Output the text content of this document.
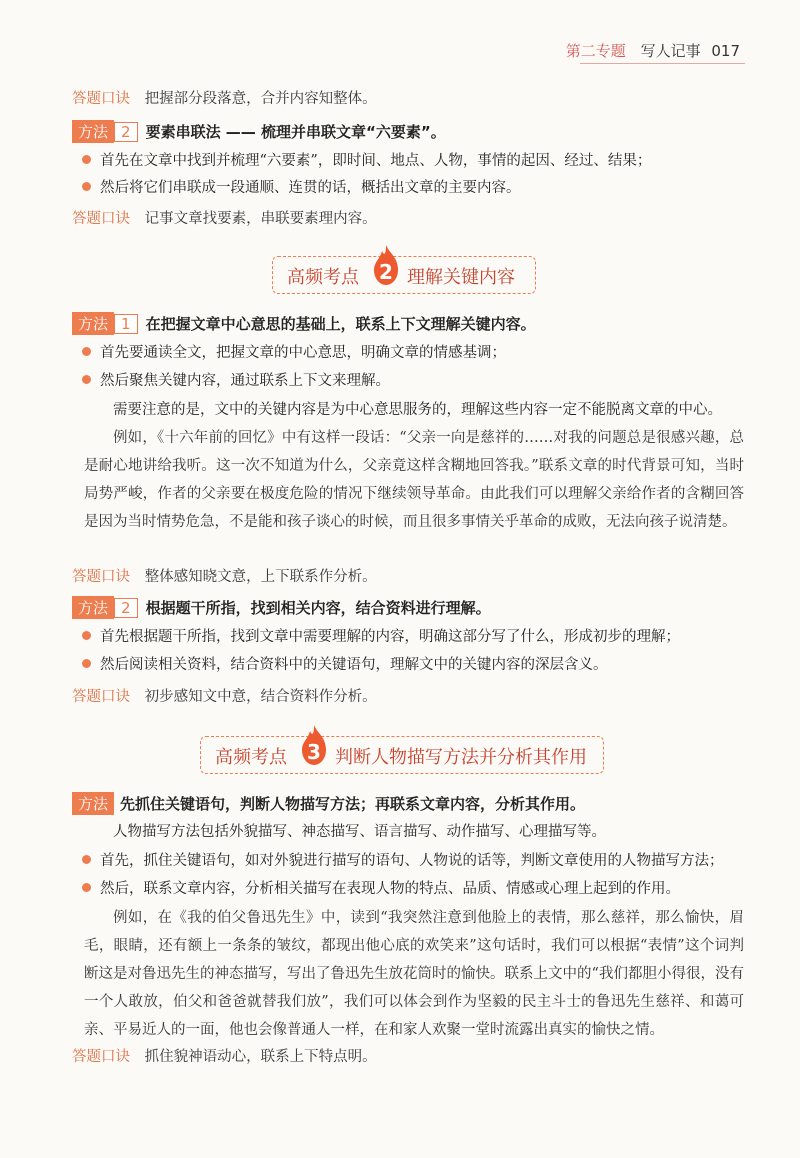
第二专题 写人记事 017
答题口诀 把握部分段落意，合并内容知整体。
方法 2 要素串联法 —— 梳理并串联文章“六要素”。
首先在文章中找到并梳理“六要素”，即时间、地点、人物，事情的起因、经过、结果；
然后将它们串联成一段通顺、连贯的话，概括出文章的主要内容。
答题口诀 记事文章找要素，串联要素理内容。
高频考点 2 理解关键内容
方法 1 在把握文章中心意思的基础上，联系上下文理解关键内容。
首先要通读全文，把握文章的中心意思，明确文章的情感基调；
然后聚焦关键内容，通过联系上下文来理解。
需要注意的是，文中的关键内容是为中心意思服务的，理解这些内容一定不能脱离文章的中心。
例如，《十六年前的回忆》中有这样一段话：“父亲一向是慈祥的……对我的问题总是很感兴趣，总是耐心地讲给我听。这一次不知道为什么，父亲竟这样含糊地回答我。”联系文章的时代背景可知，当时局势严峻，作者的父亲要在极度危险的情况下继续领导革命。由此我们可以理解父亲给作者的含糊回答是因为当时情势危急，不是能和孩子谈心的时候，而且很多事情关乎革命的成败，无法向孩子说清楚。
答题口诀 整体感知晓文意，上下联系作分析。
方法 2 根据题干所指，找到相关内容，结合资料进行理解。
首先根据题干所指，找到文章中需要理解的内容，明确这部分写了什么，形成初步的理解；
然后阅读相关资料，结合资料中的关键语句，理解文中的关键内容的深层含义。
答题口诀 初步感知文中意，结合资料作分析。
高频考点 3 判断人物描写方法并分析其作用
方法 先抓住关键语句，判断人物描写方法；再联系文章内容，分析其作用。
人物描写方法包括外貌描写、神态描写、语言描写、动作描写、心理描写等。
首先，抓住关键语句，如对外貌进行描写的语句、人物说的话等，判断文章使用的人物描写方法；
然后，联系文章内容，分析相关描写在表现人物的特点、品质、情感或心理上起到的作用。
例如，在《我的伯父鲁迅先生》中，读到“我突然注意到他脸上的表情，那么慈祥，那么愉快，眉毛，眼睛，还有额上一条条的皱纹，都现出他心底的欢笑来”这句话时，我们可以根据“表情”这个词判断这是对鲁迅先生的神态描写，写出了鲁迅先生放花筒时的愉快。联系上文中的“我们都胆小得很，没有一个人敢放，伯父和爸爸就替我们放”，我们可以体会到作为坚毅的民主斗士的鲁迅先生慈祥、和蔼可亲、平易近人的一面，他也会像普通人一样，在和家人欢聚一堂时流露出真实的愉快之情。
答题口诀 抓住貌神语动心，联系上下特点明。
